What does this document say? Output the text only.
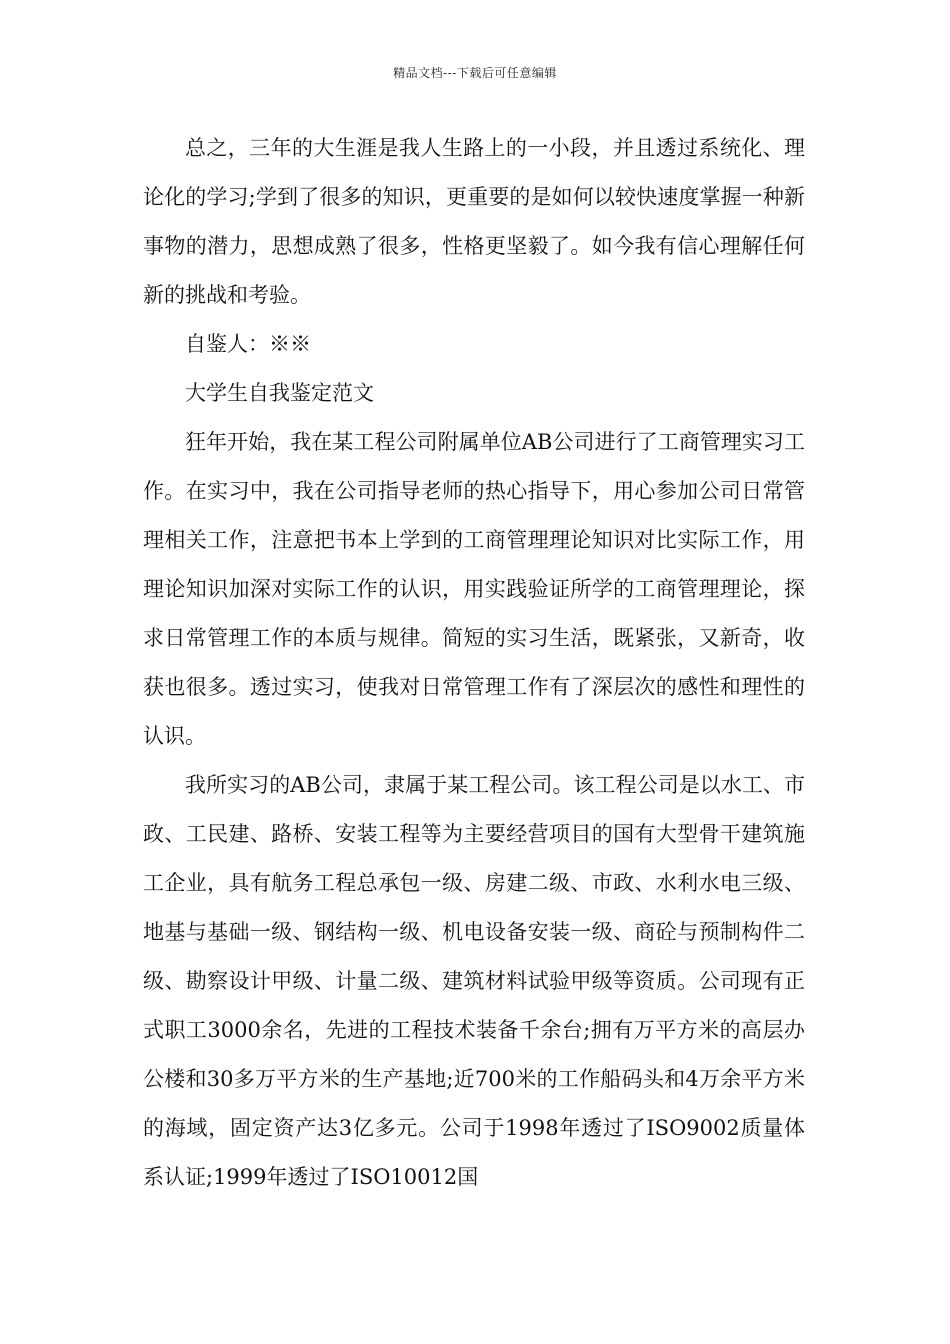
精品文档---下载后可任意编辑

总之，三年的大生涯是我人生路上的一小段，并且透过系统化、理论化的学习;学到了很多的知识，更重要的是如何以较快速度掌握一种新事物的潜力，思想成熟了很多，性格更坚毅了。如今我有信心理解任何新的挑战和考验。

自鉴人：※※

大学生自我鉴定范文

狂年开始，我在某工程公司附属单位AB公司进行了工商管理实习工作。在实习中，我在公司指导老师的热心指导下，用心参加公司日常管理相关工作，注意把书本上学到的工商管理理论知识对比实际工作，用理论知识加深对实际工作的认识，用实践验证所学的工商管理理论，探求日常管理工作的本质与规律。简短的实习生活，既紧张，又新奇，收获也很多。透过实习，使我对日常管理工作有了深层次的感性和理性的认识。

我所实习的AB公司，隶属于某工程公司。该工程公司是以水工、市政、工民建、路桥、安装工程等为主要经营项目的国有大型骨干建筑施工企业，具有航务工程总承包一级、房建二级、市政、水利水电三级、地基与基础一级、钢结构一级、机电设备安装一级、商砼与预制构件二级、勘察设计甲级、计量二级、建筑材料试验甲级等资质。公司现有正式职工3000余名，先进的工程技术装备千余台;拥有万平方米的高层办公楼和30多万平方米的生产基地;近700米的工作船码头和4万余平方米的海域，固定资产达3亿多元。公司于1998年透过了ISO9002质量体系认证;1999年透过了ISO10012国
